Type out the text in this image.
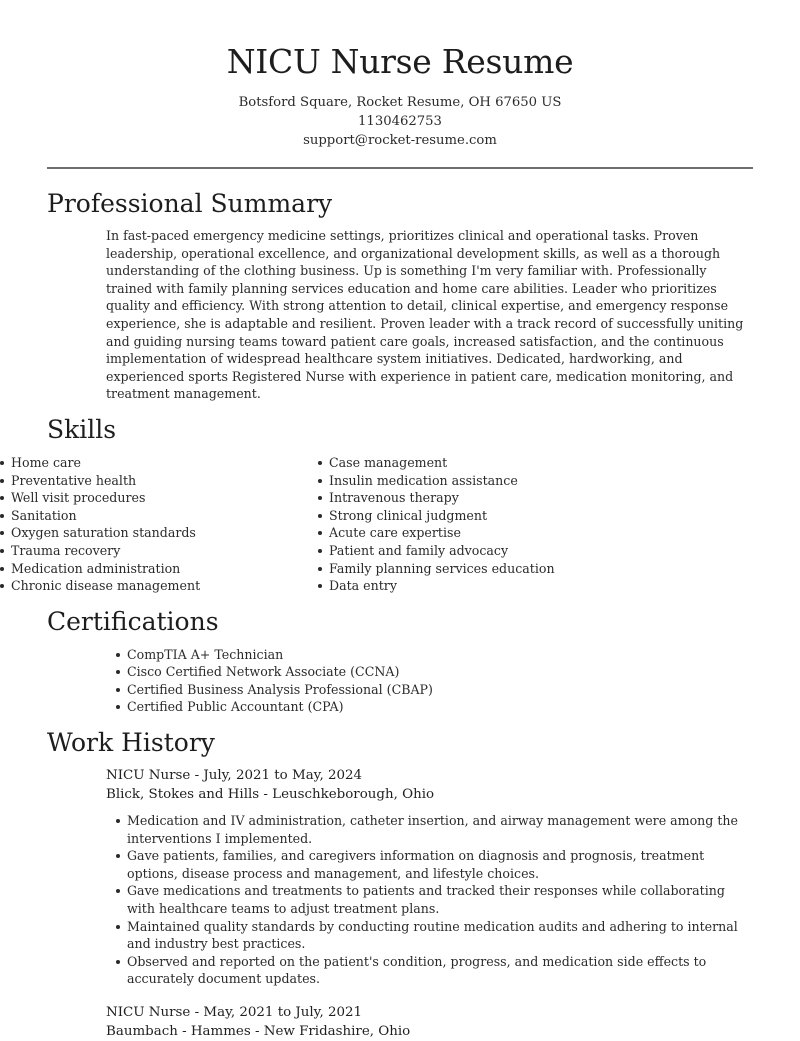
NICU Nurse Resume
Botsford Square, Rocket Resume, OH 67650 US
1130462753
support@rocket-resume.com
Professional Summary

In fast-paced emergency medicine settings, prioritizes clinical and operational tasks. Proven leadership, operational excellence, and organizational development skills, as well as a thorough understanding of the clothing business. Up is something I'm very familiar with. Professionally trained with family planning services education and home care abilities. Leader who prioritizes quality and efficiency. With strong attention to detail, clinical expertise, and emergency response experience, she is adaptable and resilient. Proven leader with a track record of successfully uniting and guiding nursing teams toward patient care goals, increased satisfaction, and the continuous implementation of widespread healthcare system initiatives. Dedicated, hardworking, and experienced sports Registered Nurse with experience in patient care, medication monitoring, and treatment management.

Skills
Home care
Preventative health
Well visit procedures
Sanitation
Oxygen saturation standards
Trauma recovery
Medication administration
Chronic disease management
Case management
Insulin medication assistance
Intravenous therapy
Strong clinical judgment
Acute care expertise
Patient and family advocacy
Family planning services education
Data entry
Certifications
CompTIA A+ Technician
Cisco Certified Network Associate (CCNA)
Certified Business Analysis Professional (CBAP)
Certified Public Accountant (CPA)
Work History
NICU Nurse - July, 2021 to May, 2024
Blick, Stokes and Hills - Leuschkeborough, Ohio
Medication and IV administration, catheter insertion, and airway management were among the interventions I implemented.
Gave patients, families, and caregivers information on diagnosis and prognosis, treatment options, disease process and management, and lifestyle choices.
Gave medications and treatments to patients and tracked their responses while collaborating with healthcare teams to adjust treatment plans.
Maintained quality standards by conducting routine medication audits and adhering to internal and industry best practices.
Observed and reported on the patient's condition, progress, and medication side effects to accurately document updates.
NICU Nurse - May, 2021 to July, 2021
Baumbach - Hammes - New Fridashire, Ohio
